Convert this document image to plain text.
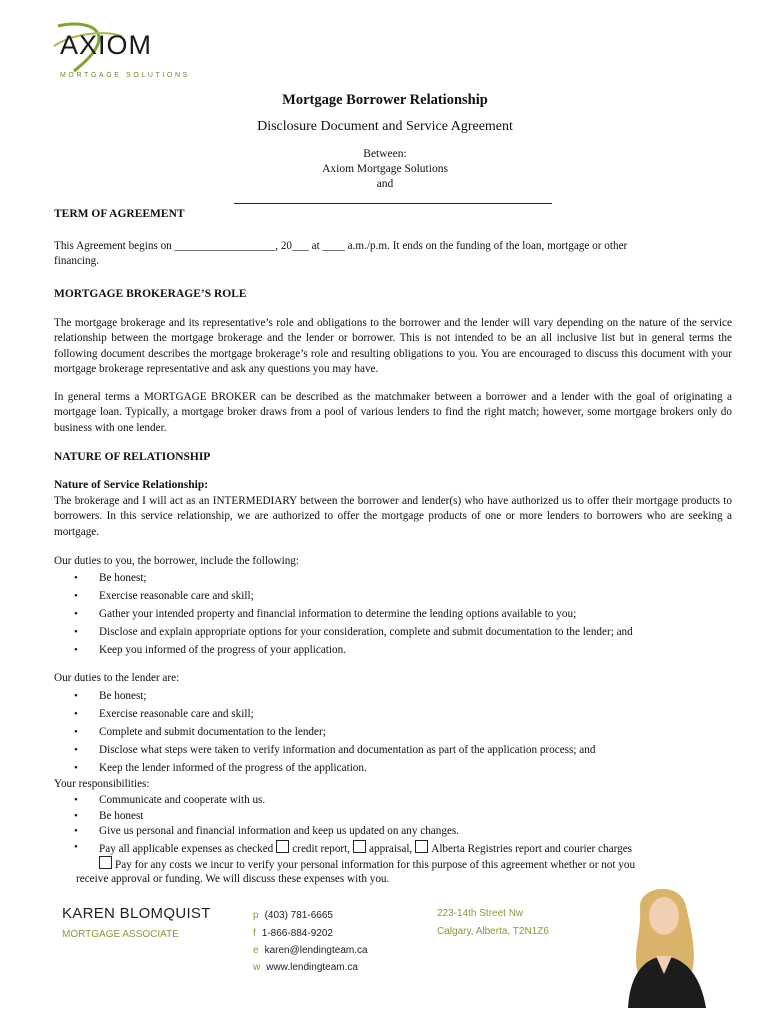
AXIOM
MORTGAGE SOLUTIONS
Mortgage Borrower Relationship
Disclosure Document and Service Agreement
Between:
Axiom Mortgage Solutions
and
TERM OF AGREEMENT
This Agreement begins on __________________, 20___ at ____ a.m./p.m. It ends on the funding of the loan, mortgage or other
financing.
MORTGAGE BROKERAGE’S ROLE
The mortgage brokerage and its representative’s role and obligations to the borrower and the lender will vary depending on the nature of the service relationship between the mortgage brokerage and the lender or borrower. This is not intended to be an all inclusive list but in general terms the following document describes the mortgage brokerage’s role and resulting obligations to you. You are encouraged to discuss this document with your mortgage brokerage representative and ask any questions you may have.
In general terms a MORTGAGE BROKER can be described as the matchmaker between a borrower and a lender with the goal of originating a mortgage loan. Typically, a mortgage broker draws from a pool of various lenders to find the right match; however, some mortgage brokers only do business with one lender.
NATURE OF RELATIONSHIP
Nature of Service Relationship:
The brokerage and I will act as an INTERMEDIARY between the borrower and lender(s) who have authorized us to offer their mortgage products to borrowers. In this service relationship, we are authorized to offer the mortgage products of one or more lenders to borrowers who are seeking a mortgage.
Our duties to you, the borrower, include the following:
• Be honest;
• Exercise reasonable care and skill;
• Gather your intended property and financial information to determine the lending options available to you;
• Disclose and explain appropriate options for your consideration, complete and submit documentation to the lender; and
• Keep you informed of the progress of your application.
Our duties to the lender are:
• Be honest;
• Exercise reasonable care and skill;
• Complete and submit documentation to the lender;
• Disclose what steps were taken to verify information and documentation as part of the application process; and
• Keep the lender informed of the progress of the application.
Your responsibilities:
• Communicate and cooperate with us.
• Be honest
• Give us personal and financial information and keep us updated on any changes.
• Pay all applicable expenses as checked credit report, appraisal, Alberta Registries report and courier charges
Pay for any costs we incur to verify your personal information for this purpose of this agreement whether or not you
receive approval or funding. We will discuss these expenses with you.
KAREN BLOMQUIST
MORTGAGE ASSOCIATE
p (403) 781-6665
f 1-866-884-9202
e karen@lendingteam.ca
w www.lendingteam.ca
223-14th Street Nw
Calgary, Alberta, T2N1Z6
